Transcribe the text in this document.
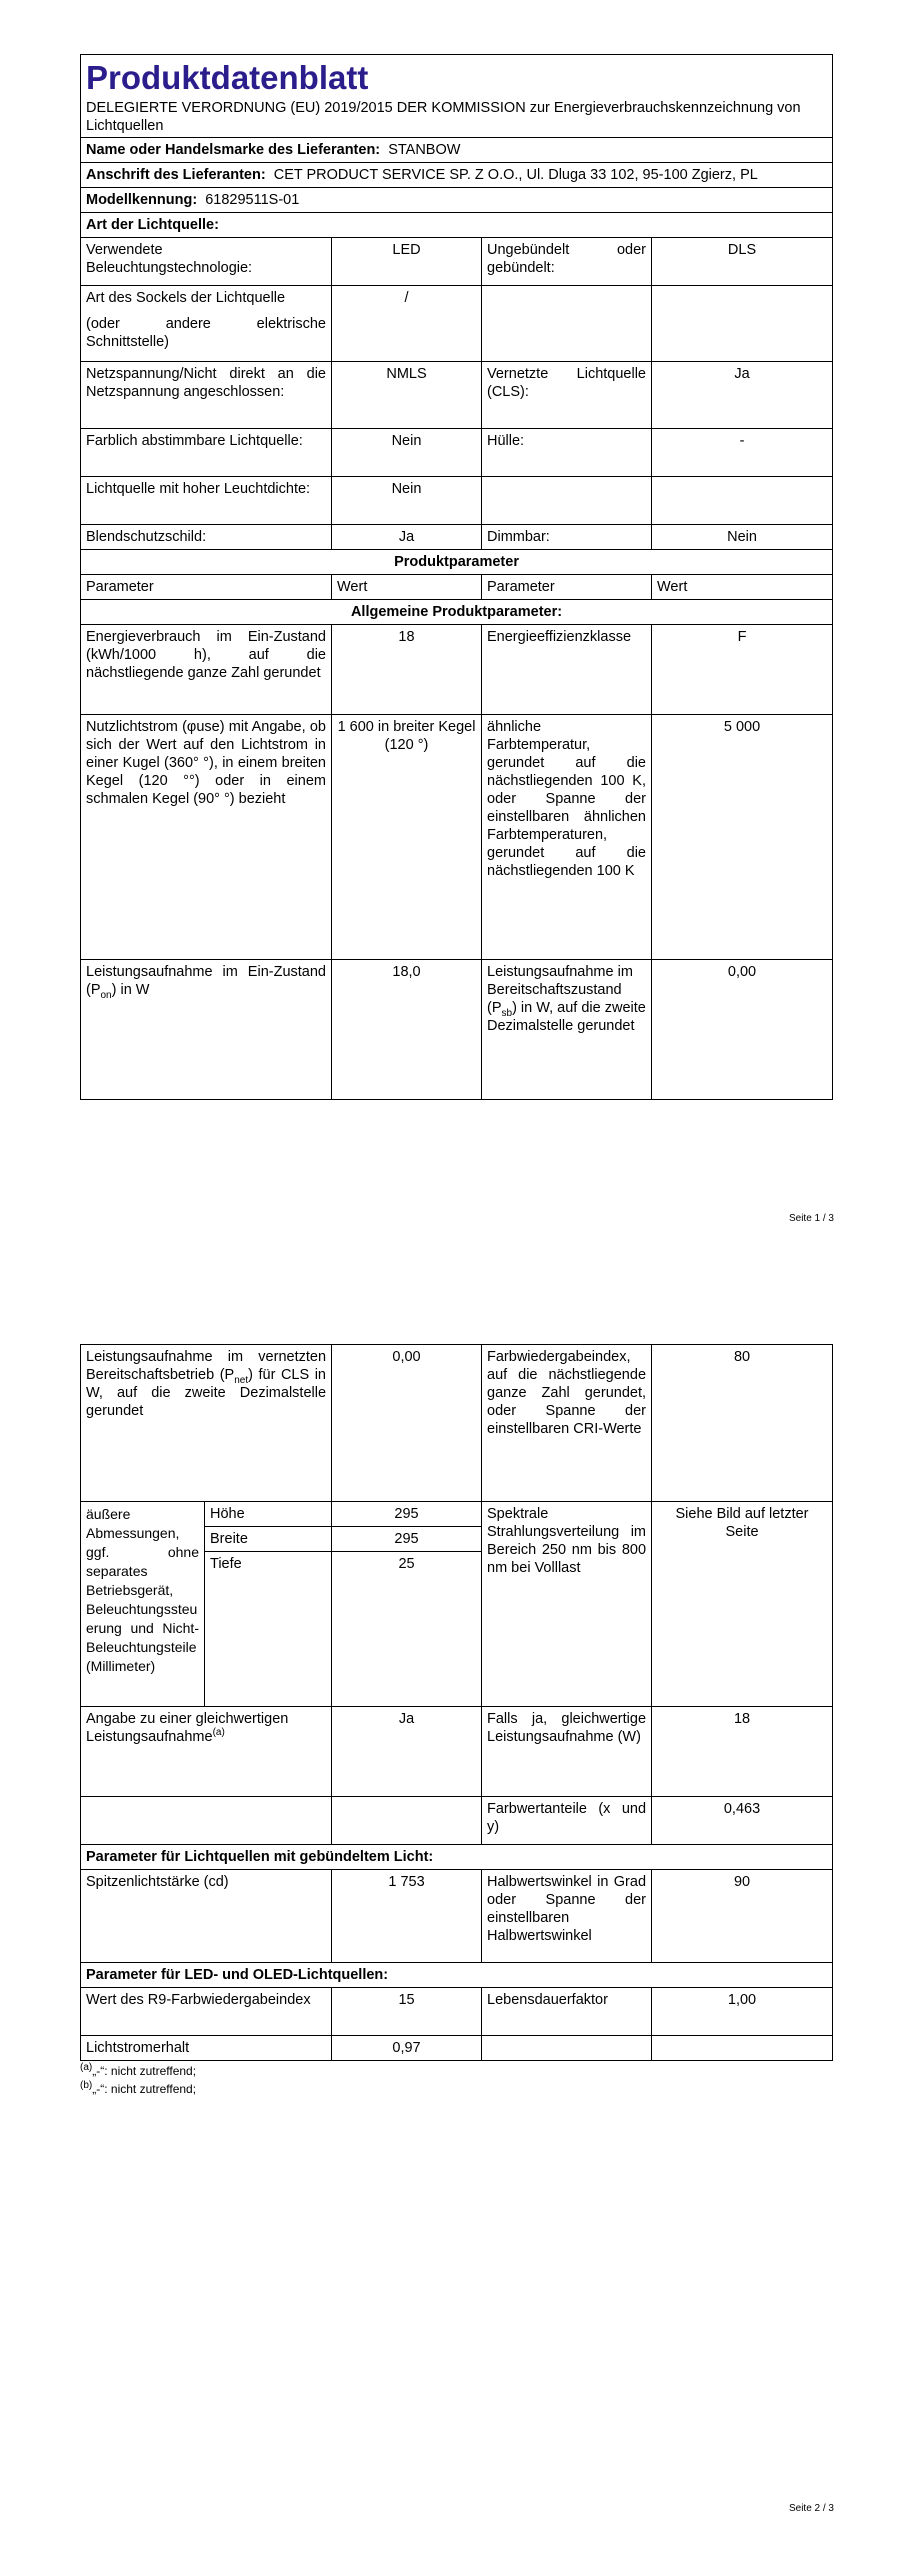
Produktdatenblatt
DELEGIERTE VERORDNUNG (EU) 2019/2015 DER KOMMISSION zur Energieverbrauchskennzeichnung von Lichtquellen			

Name oder Handelsmarke des Lieferanten: STANBOW			
Anschrift des Lieferanten: CET PRODUCT SERVICE SP. Z O.O., Ul. Dluga 33 102, 95-100 Zgierz, PL			
Modellkennung: 61829511S-01			
Art der Lichtquelle:			
Verwendete Beleuchtungstechnologie:	LED	Ungebündelt oder gebündelt:	DLS

Art des Sockels der Lichtquelle
(oder andere elektrische Schnittstelle)	/		
Netzspannung/Nicht direkt an die Netzspannung angeschlossen:	NMLS	Vernetzte Lichtquelle (CLS):	Ja
Farblich abstimmbare Lichtquelle:	Nein	Hülle:	-
Lichtquelle mit hoher Leuchtdichte:	Nein		
Blendschutzschild:	Ja	Dimmbar:	Nein
Produktparameter			
Parameter	Wert	Parameter	Wert
Allgemeine Produktparameter:			
Energieverbrauch im Ein-Zustand (kWh/1000 h), auf die nächstliegende ganze Zahl gerundet	18	Energieeffizienzklasse	F
Nutzlichtstrom (φuse) mit Angabe, ob sich der Wert auf den Lichtstrom in einer Kugel (360° °), in einem breiten Kegel (120 °°) oder in einem schmalen Kegel (90° °) bezieht	1 600 in breiter Kegel (120 °)	ähnliche Farbtemperatur, gerundet auf die nächstliegenden 100 K, oder Spanne der einstellbaren ähnlichen Farbtemperaturen, gerundet auf die nächstliegenden 100 K	5 000
Leistungsaufnahme im Ein-Zustand $(P_{on})$ in W	18,0	Leistungsaufnahme im Bereitschaftszustand $(P_{sb})$ in W, auf die zweite Dezimalstelle gerundet	0,00
Seite 1 / 3
Leistungsaufnahme im vernetzten Bereitschaftsbetrieb $(P_{net})$ für CLS in W, auf die zweite Dezimalstelle gerundet		0,00	Farbwiedergabeindex, auf die nächstliegende ganze Zahl gerundet, oder Spanne der einstellbaren CRI-Werte	80
äußere Abmessungen, ggf. ohne separates Betriebsgerät, Beleuchtungssteuerung und Nicht-Beleuchtungsteile (Millimeter)	Höhe	295	Spektrale Strahlungsverteilung im Bereich 250 nm bis 800 nm bei Volllast	Siehe Bild auf letzter Seite
	Breite	295		
	Tiefe	25		
Angabe zu einer gleichwertigen Leistungsaufnahme$^{(a)}$		Ja	Falls ja, gleichwertige Leistungsaufnahme (W)	18
			Farbwertanteile (x und y)	0,463
Parameter für Lichtquellen mit gebündeltem Licht:				
Spitzenlichtstärke (cd)		1 753	Halbwertswinkel in Grad oder Spanne der einstellbaren Halbwertswinkel	90
Parameter für LED- und OLED-Lichtquellen:				
Wert des R9-Farbwiedergabeindex		15	Lebensdauerfaktor	1,00
Lichtstromerhalt		0,97		
$^{(a)}$„-“: nicht zutreffend;
$^{(b)}$„-“: nicht zutreffend;
Seite 2 / 3
